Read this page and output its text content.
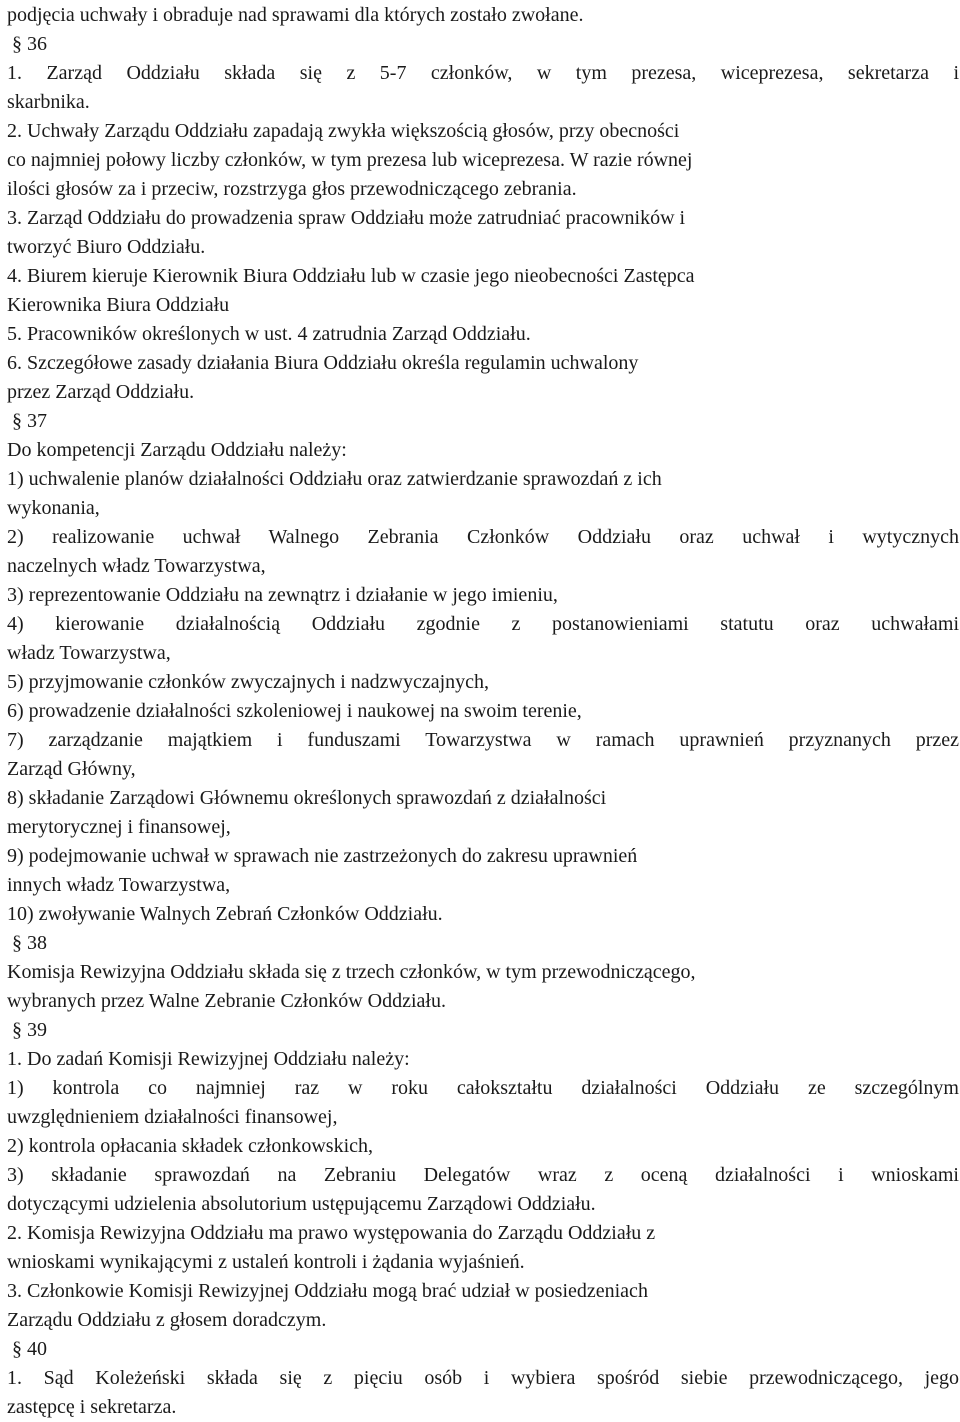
podjęcia uchwały i obraduje nad sprawami dla których zostało zwołane.
§ 36
1. Zarząd Oddziału składa się z 5-7 członków, w tym prezesa, wiceprezesa, sekretarza i
skarbnika.
2. Uchwały Zarządu Oddziału zapadają zwykła większością głosów, przy obecności
co najmniej połowy liczby członków, w tym prezesa lub wiceprezesa. W razie równej
ilości głosów za i przeciw, rozstrzyga głos przewodniczącego zebrania.
3. Zarząd Oddziału do prowadzenia spraw Oddziału może zatrudniać pracowników i
tworzyć Biuro Oddziału.
4. Biurem kieruje Kierownik Biura Oddziału lub w czasie jego nieobecności Zastępca
Kierownika Biura Oddziału
5. Pracowników określonych w ust. 4 zatrudnia Zarząd Oddziału.
6. Szczegółowe zasady działania Biura Oddziału określa regulamin uchwalony
przez Zarząd Oddziału.
§ 37
Do kompetencji Zarządu Oddziału należy:
1) uchwalenie planów działalności Oddziału oraz zatwierdzanie sprawozdań z ich
wykonania,
2) realizowanie uchwał Walnego Zebrania Członków Oddziału oraz uchwał i wytycznych
naczelnych władz Towarzystwa,
3) reprezentowanie Oddziału na zewnątrz i działanie w jego imieniu,
4) kierowanie działalnością Oddziału zgodnie z postanowieniami statutu oraz uchwałami
władz Towarzystwa,
5) przyjmowanie członków zwyczajnych i nadzwyczajnych,
6) prowadzenie działalności szkoleniowej i naukowej na swoim terenie,
7) zarządzanie majątkiem i funduszami Towarzystwa w ramach uprawnień przyznanych przez
Zarząd Główny,
8) składanie Zarządowi Głównemu określonych sprawozdań z działalności
merytorycznej i finansowej,
9) podejmowanie uchwał w sprawach nie zastrzeżonych do zakresu uprawnień
innych władz Towarzystwa,
10) zwoływanie Walnych Zebrań Członków Oddziału.
§ 38
Komisja Rewizyjna Oddziału składa się z trzech członków, w tym przewodniczącego,
wybranych przez Walne Zebranie Członków Oddziału.
§ 39
1. Do zadań Komisji Rewizyjnej Oddziału należy:
1) kontrola co najmniej raz w roku całokształtu działalności Oddziału ze szczególnym
uwzględnieniem działalności finansowej,
2) kontrola opłacania składek członkowskich,
3) składanie sprawozdań na Zebraniu Delegatów wraz z oceną działalności i wnioskami
dotyczącymi udzielenia absolutorium ustępującemu Zarządowi Oddziału.
2. Komisja Rewizyjna Oddziału ma prawo występowania do Zarządu Oddziału z
wnioskami wynikającymi z ustaleń kontroli i żądania wyjaśnień.
3. Członkowie Komisji Rewizyjnej Oddziału mogą brać udział w posiedzeniach
Zarządu Oddziału z głosem doradczym.
§ 40
1. Sąd Koleżeński składa się z pięciu osób i wybiera spośród siebie przewodniczącego, jego
zastępcę i sekretarza.
